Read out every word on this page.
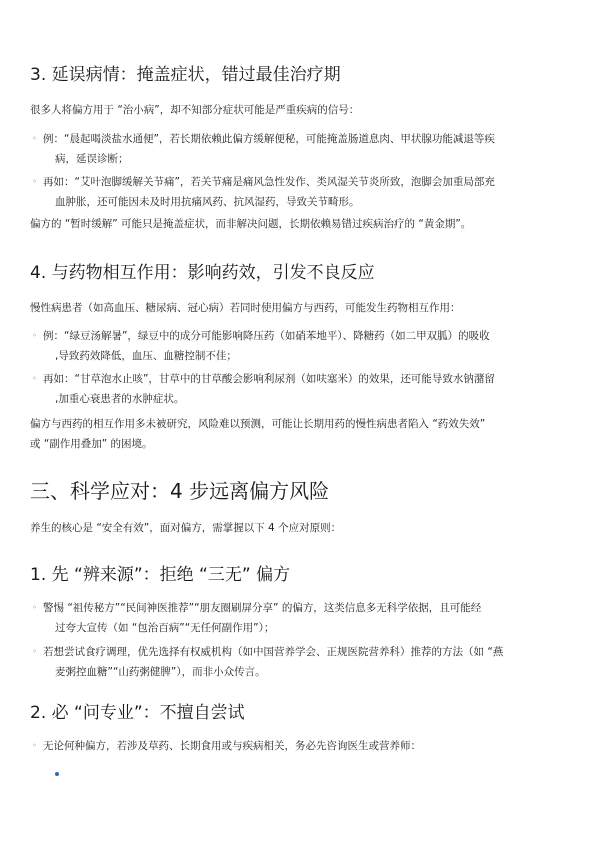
3. 延误病情：掩盖症状，错过最佳治疗期
很多人将偏方用于 “治小病”，却不知部分症状可能是严重疾病的信号：
◦ 例：“晨起喝淡盐水通便”，若长期依赖此偏方缓解便秘，可能掩盖肠道息肉、甲状腺功能减退等疾
病，延误诊断；
◦ 再如：“艾叶泡脚缓解关节痛”，若关节痛是痛风急性发作、类风湿关节炎所致，泡脚会加重局部充
血肿胀，还可能因未及时用抗痛风药、抗风湿药，导致关节畸形。
偏方的 “暂时缓解” 可能只是掩盖症状，而非解决问题，长期依赖易错过疾病治疗的 “黄金期”。
4. 与药物相互作用：影响药效，引发不良反应
慢性病患者（如高血压、糖尿病、冠心病）若同时使用偏方与西药，可能发生药物相互作用：
◦ 例：“绿豆汤解暑”，绿豆中的成分可能影响降压药（如硝苯地平）、降糖药（如二甲双胍）的吸收
,导致药效降低，血压、血糖控制不佳；
◦ 再如：“甘草泡水止咳”，甘草中的甘草酸会影响利尿剂（如呋塞米）的效果，还可能导致水钠潴留
,加重心衰患者的水肿症状。
偏方与西药的相互作用多未被研究，风险难以预测，可能让长期用药的慢性病患者陷入 “药效失效”
或 “副作用叠加” 的困境。
三、科学应对：4 步远离偏方风险
养生的核心是 “安全有效”，面对偏方，需掌握以下 4 个应对原则：
1. 先 “辨来源”：拒绝 “三无” 偏方
◦ 警惕 “祖传秘方”“民间神医推荐”“朋友圈刷屏分享” 的偏方，这类信息多无科学依据，且可能经
过夸大宣传（如 “包治百病”“无任何副作用”）；
◦ 若想尝试食疗调理，优先选择有权威机构（如中国营养学会、正规医院营养科）推荐的方法（如 “燕
麦粥控血糖”“山药粥健脾”），而非小众传言。
2. 必 “问专业”：不擅自尝试
◦ 无论何种偏方，若涉及草药、长期食用或与疾病相关，务必先咨询医生或营养师：
